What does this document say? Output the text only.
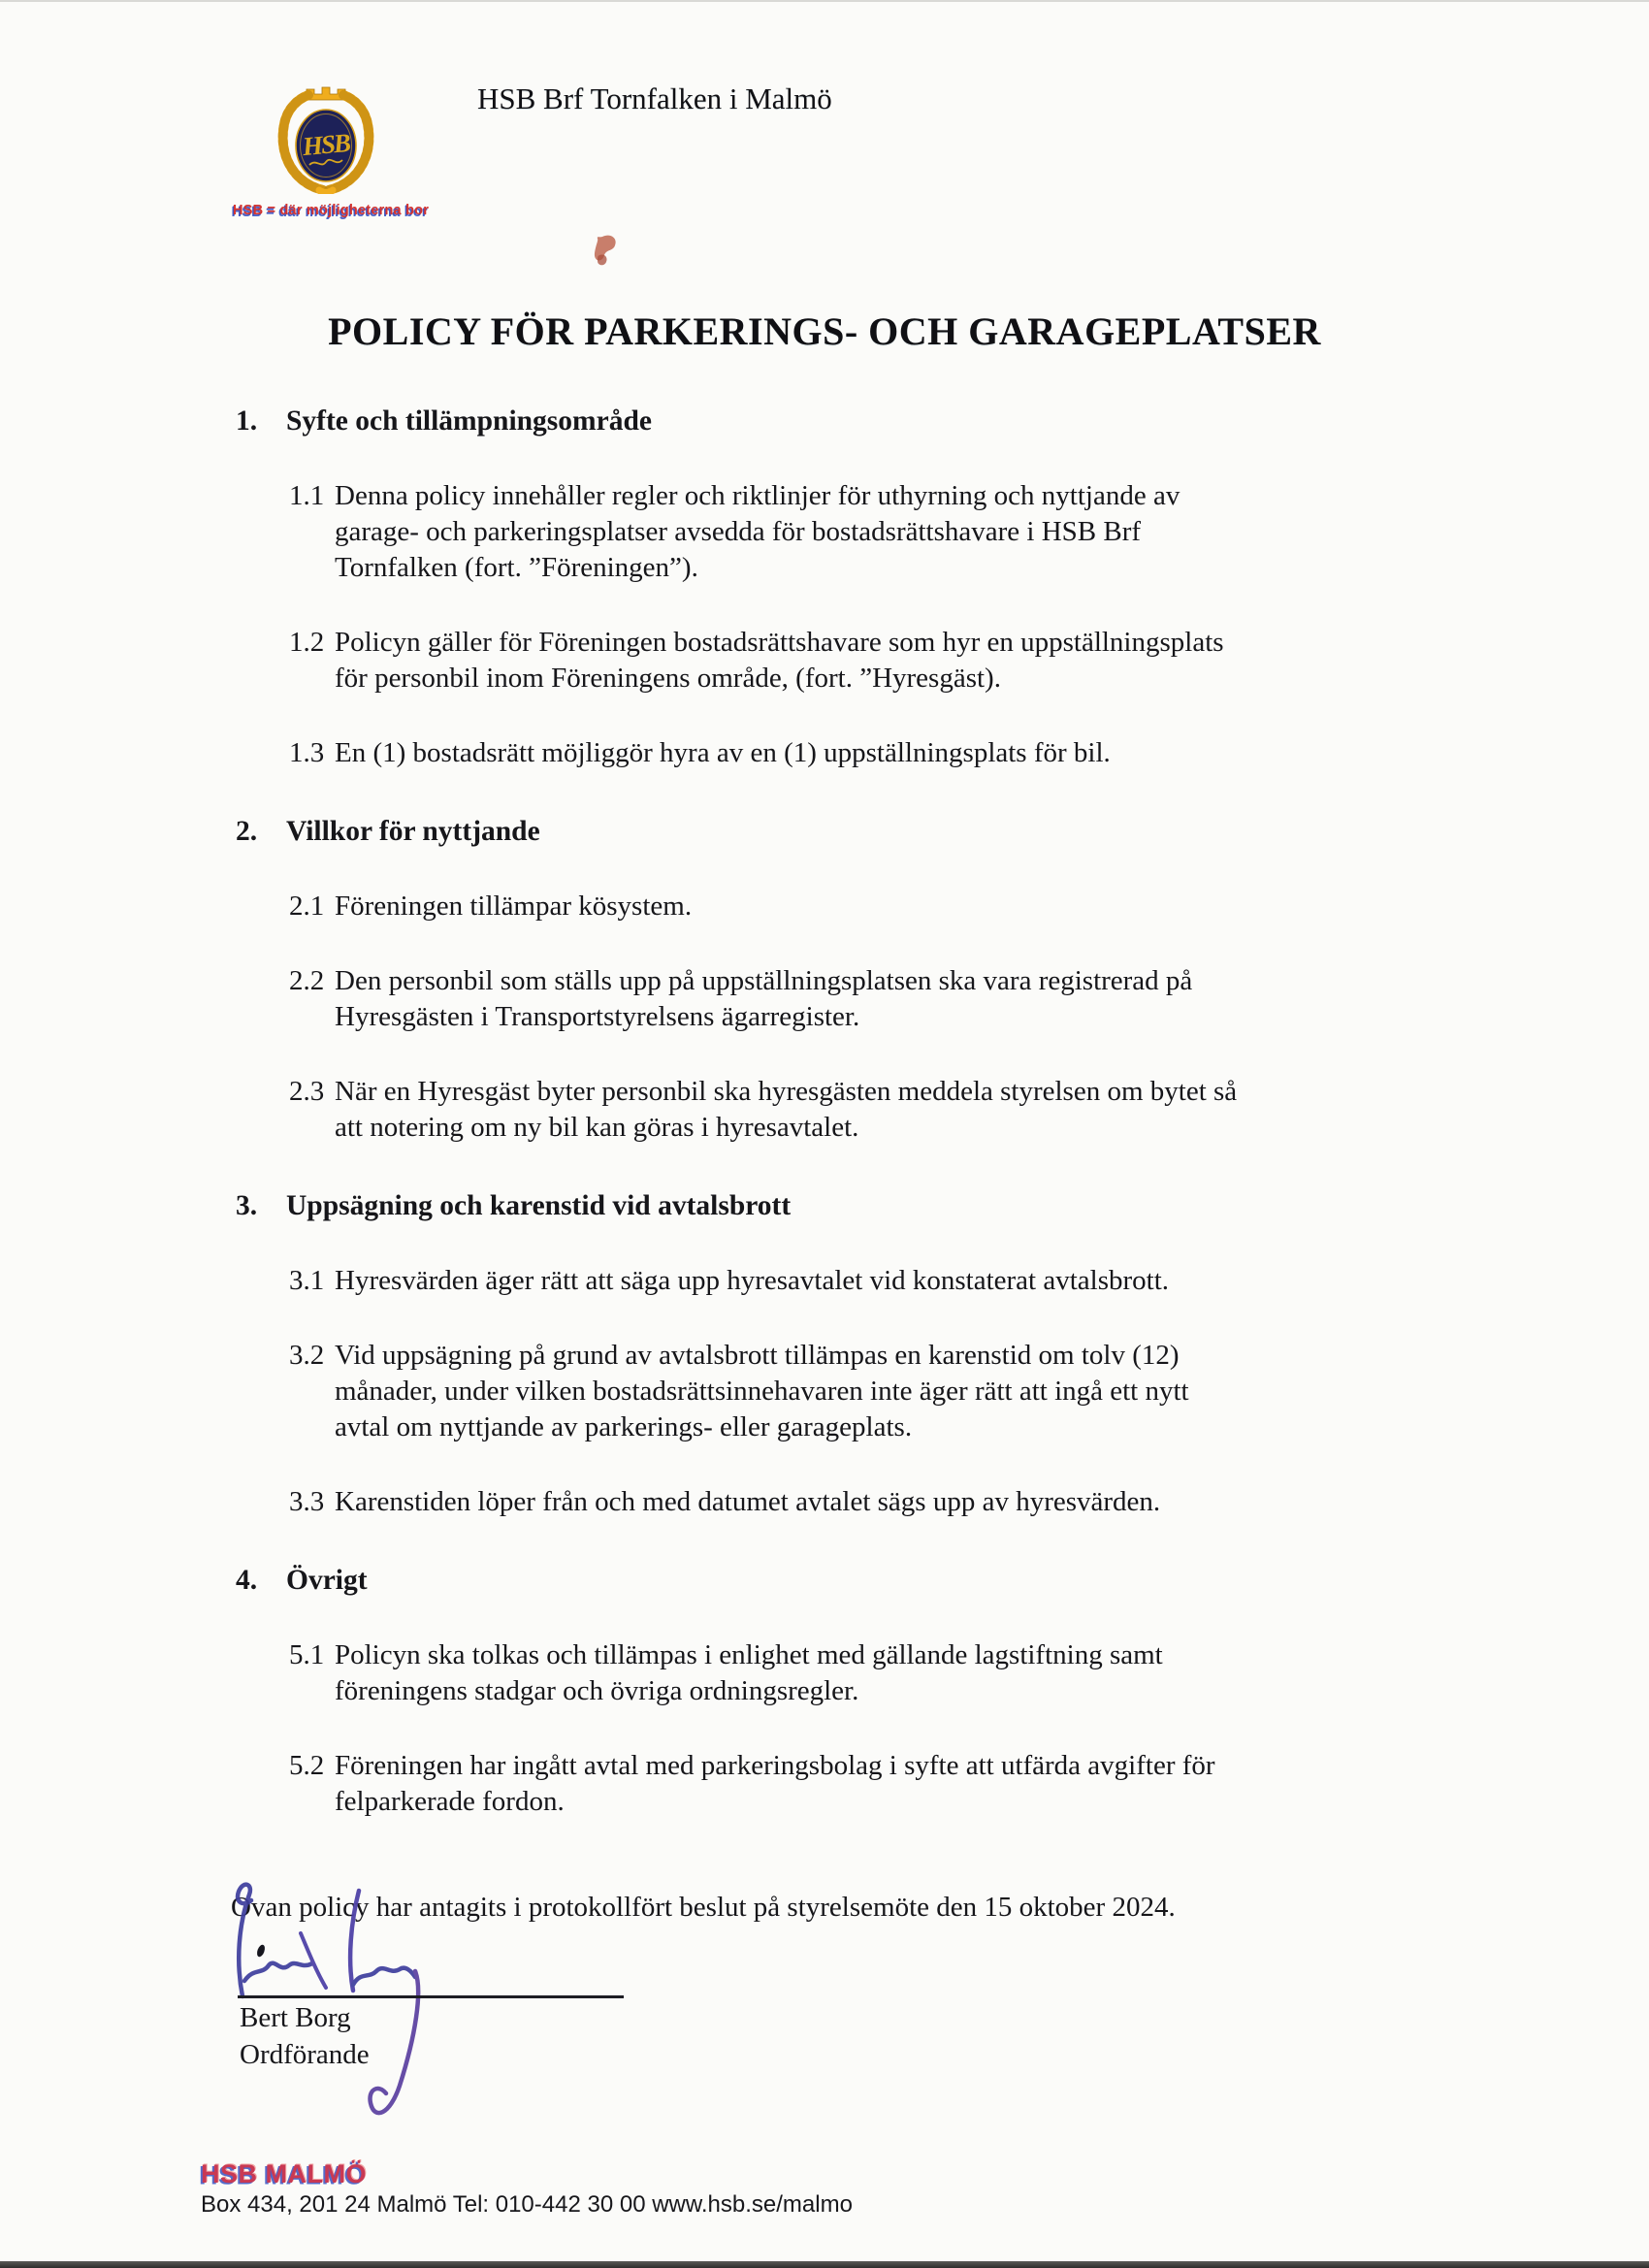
HSB
HSB = där möjligheterna bor
HSB Brf Tornfalken i Malmö
POLICY FÖR PARKERINGS- OCH GARAGEPLATSER
1.	Syfte och tillämpningsområde
1.1 Denna policy innehåller regler och riktlinjer för uthyrning och nyttjande av
garage- och parkeringsplatser avsedda för bostadsrättshavare i HSB Brf
Tornfalken (fort. ”Föreningen”).
1.2 Policyn gäller för Föreningen bostadsrättshavare som hyr en uppställningsplats
för personbil inom Föreningens område, (fort. ”Hyresgäst).
1.3 En (1) bostadsrätt möjliggör hyra av en (1) uppställningsplats för bil.
2.	Villkor för nyttjande
2.1 Föreningen tillämpar kösystem.
2.2 Den personbil som ställs upp på uppställningsplatsen ska vara registrerad på
Hyresgästen i Transportstyrelsens ägarregister.
2.3 När en Hyresgäst byter personbil ska hyresgästen meddela styrelsen om bytet så
att notering om ny bil kan göras i hyresavtalet.
3.	Uppsägning och karenstid vid avtalsbrott
3.1 Hyresvärden äger rätt att säga upp hyresavtalet vid konstaterat avtalsbrott.
3.2 Vid uppsägning på grund av avtalsbrott tillämpas en karenstid om tolv (12)
månader, under vilken bostadsrättsinnehavaren inte äger rätt att ingå ett nytt
avtal om nyttjande av parkerings- eller garageplats.
3.3 Karenstiden löper från och med datumet avtalet sägs upp av hyresvärden.
4.	Övrigt
5.1 Policyn ska tolkas och tillämpas i enlighet med gällande lagstiftning samt
föreningens stadgar och övriga ordningsregler.
5.2 Föreningen har ingått avtal med parkeringsbolag i syfte att utfärda avgifter för
felparkerade fordon.
Ovan policy har antagits i protokollfört beslut på styrelsemöte den 15 oktober 2024.
Bert Borg
Ordförande
HSB MALMÖ
Box 434, 201 24 Malmö Tel: 010-442 30 00 www.hsb.se/malmo
